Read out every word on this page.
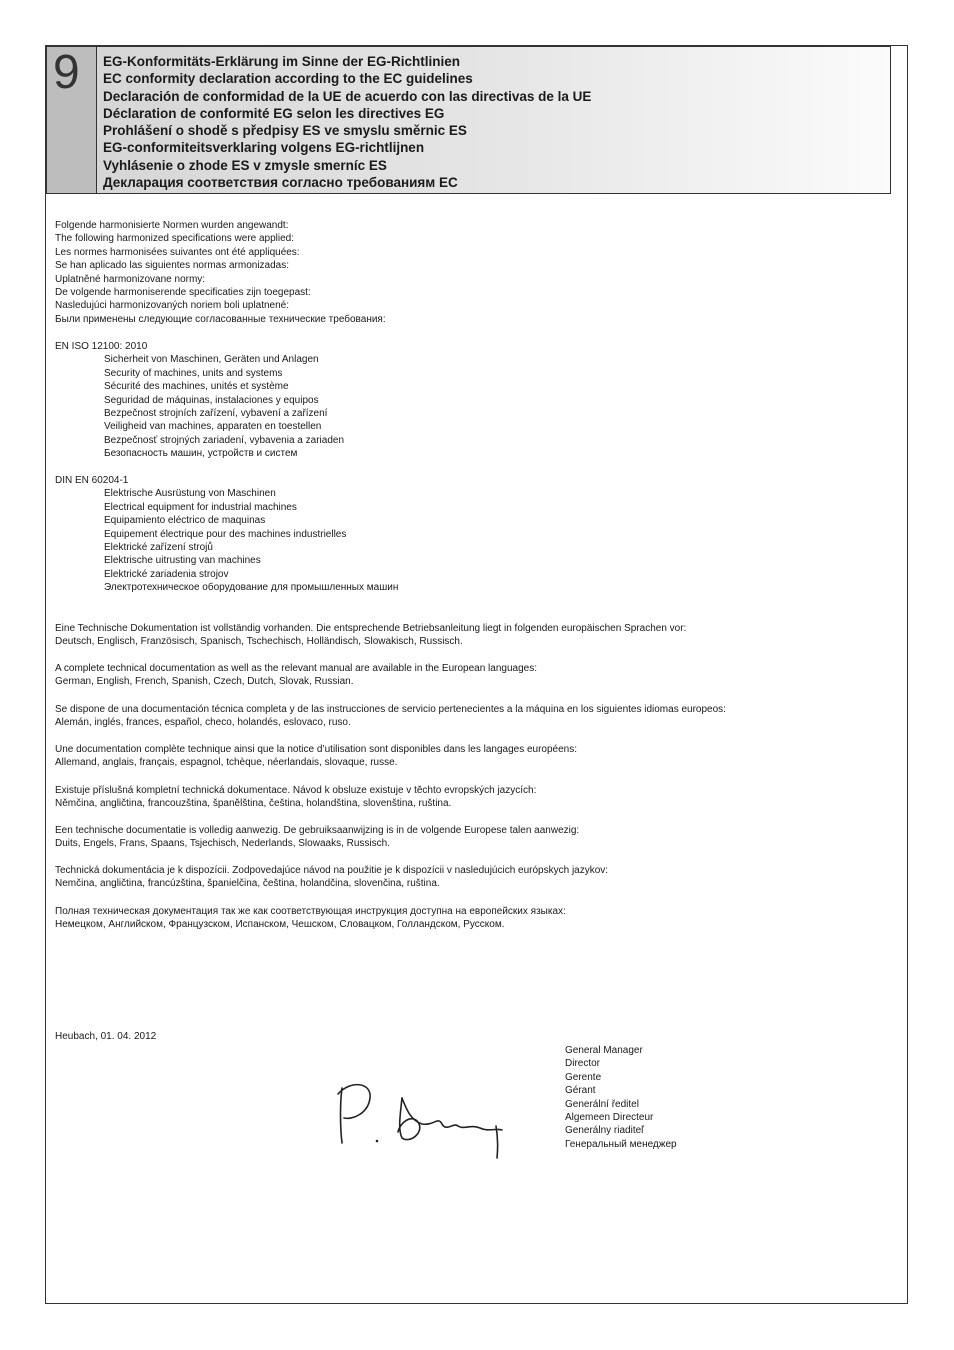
9 EG-Konformitäts-Erklärung im Sinne der EG-Richtlinien
EC conformity declaration according to the EC guidelines
Declaración de conformidad de la UE de acuerdo con las directivas de la UE
Déclaration de conformité EG selon les directives EG
Prohlášení o shodě s předpisy ES ve smyslu směrnic ES
EG-conformiteitsverklaring volgens EG-richtlijnen
Vyhlásenie o zhode ES v zmysle smerníc ES
Декларация соответствия согласно требованиям EC
Folgende harmonisierte Normen wurden angewandt:
The following harmonized specifications were applied:
Les normes harmonisées suivantes ont été appliquées:
Se han aplicado las siguientes normas armonizadas:
Uplatněné harmonizovane normy:
De volgende harmoniserende specificaties zijn toegepast:
Nasledujúci harmonizovaných noriem boli uplatnené:
Были применены следующие согласованные технические требования:
EN ISO 12100: 2010
Sicherheit von Maschinen, Geräten und Anlagen
Security of machines, units and systems
Sécurité des machines, unités et système
Seguridad de máquinas, instalaciones y equipos
Bezpečnost strojních zařízení, vybavení a zařízení
Veiligheid van machines, apparaten en toestellen
Bezpečnosť strojných zariadení, vybavenia a zariaden
Безопасность машин, устройств и систем
DIN EN 60204-1
Elektrische Ausrüstung von Maschinen
Electrical equipment for industrial machines
Equipamiento eléctrico de maquinas
Equipement électrique pour des machines industrielles
Elektrické zařízení strojů
Elektrische uitrusting van machines
Elektrické zariadenia strojov
Электротехническое оборудование для промышленных машин
Eine Technische Dokumentation ist vollständig vorhanden. Die entsprechende Betriebsanleitung liegt in folgenden europäischen Sprachen vor:
Deutsch, Englisch, Französisch, Spanisch, Tschechisch, Holländisch, Slowakisch, Russisch.
A complete technical documentation as well as the relevant manual are available in the European languages:
German, English, French, Spanish, Czech, Dutch, Slovak, Russian.
Se dispone de una documentación técnica completa y de las instrucciones de servicio pertenecientes a la máquina en los siguientes idiomas europeos:
Alemán, inglés, frances, español, checo, holandés, eslovaco, ruso.
Une documentation complète technique ainsi que la notice d’utilisation sont disponibles dans les langages européens:
Allemand, anglais, français, espagnol, tchèque, néerlandais, slovaque, russe.
Existuje příslušná kompletní technická dokumentace. Návod k obsluze existuje v těchto evropských jazycích:
Němčina, angličtina, francouzština, španělština, čeština, holandština, slovenština, ruština.
Een technische documentatie is volledig aanwezig. De gebruiksaanwijzing is in de volgende Europese talen aanwezig:
Duits, Engels, Frans, Spaans, Tsjechisch, Nederlands, Slowaaks, Russisch.
Technická dokumentácia je k dispozícii. Zodpovedajúce návod na použitie je k dispozícii v nasledujúcich európskych jazykov:
Nemčina, angličtina, francúzština, španielčina, čeština, holandčina, slovenčina, ruština.
Полная техническая документация так же как соответствующая инструкция доступна на европейских языках:
Немецком, Английском, Французском, Испанском, Чешском, Словацком, Голландском, Русском.
Heubach, 01. 04. 2012
General Manager
Director
Gerente
Gérant
Generální ředitel
Algemeen Directeur
Generálny riaditeľ
Генеральный менеджер
